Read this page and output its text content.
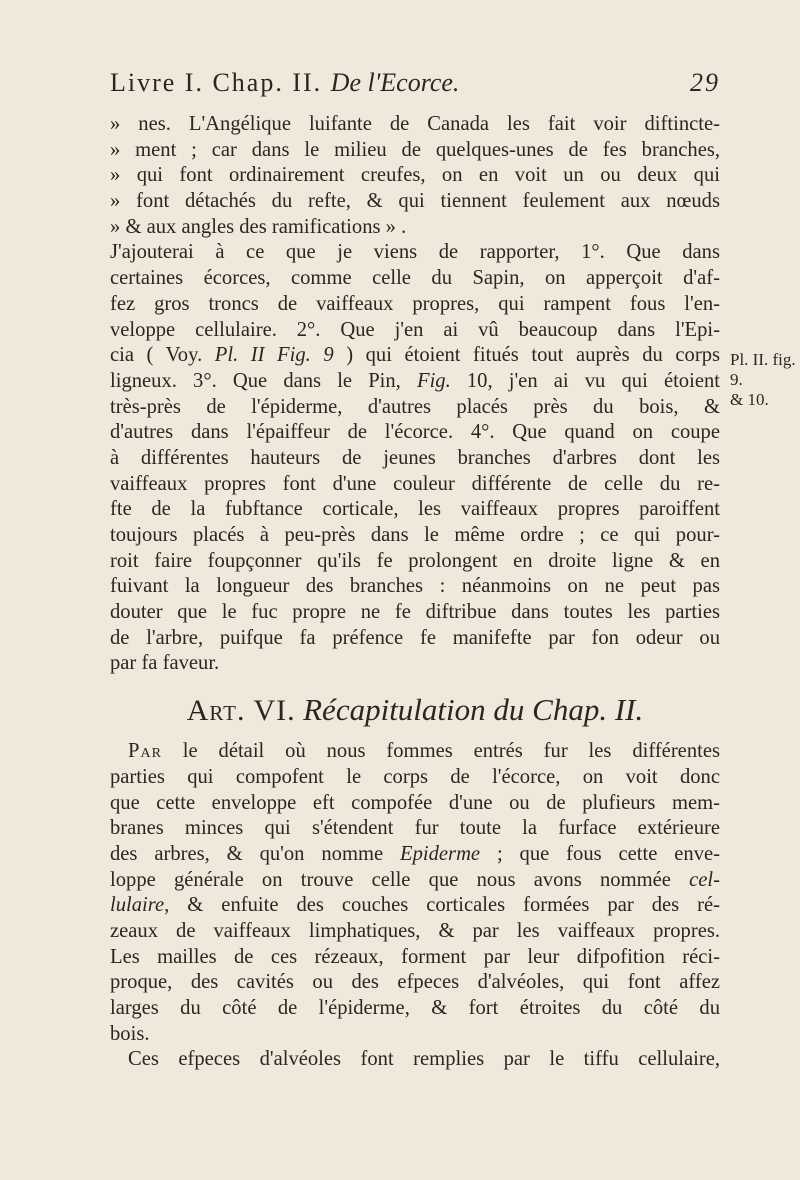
Livre I. Chap. II. De l'Ecorce.	29
» nes. L'Angélique luifante de Canada les fait voir diftincte-
» ment ; car dans le milieu de quelques-unes de fes branches,
» qui font ordinairement creufes, on en voit un ou deux qui
» font détachés du refte, & qui tiennent feulement aux nœuds
» & aux angles des ramifications » .
J'ajouterai à ce que je viens de rapporter, 1°. Que dans
certaines écorces, comme celle du Sapin, on apperçoit d'af-
fez gros troncs de vaiffeaux propres, qui rampent fous l'en-
veloppe cellulaire. 2°. Que j'en ai vû beaucoup dans l'Epi-
cia ( Voy. Pl. II Fig. 9 ) qui étoient fitués tout auprès du corps
ligneux. 3°. Que dans le Pin, Fig. 10, j'en ai vu qui étoient
très-près de l'épiderme, d'autres placés près du bois, &
d'autres dans l'épaiffeur de l'écorce. 4°. Que quand on coupe
à différentes hauteurs de jeunes branches d'arbres dont les
vaiffeaux propres font d'une couleur différente de celle du re-
fte de la fubftance corticale, les vaiffeaux propres paroiffent
toujours placés à peu-près dans le même ordre ; ce qui pour-
roit faire foupçonner qu'ils fe prolongent en droite ligne & en
fuivant la longueur des branches : néanmoins on ne peut pas
douter que le fuc propre ne fe diftribue dans toutes les parties
de l'arbre, puifque fa préfence fe manifefte par fon odeur ou
par fa faveur.
Art. VI. Récapitulation du Chap. II.
Par le détail où nous fommes entrés fur les différentes
parties qui compofent le corps de l'écorce, on voit donc
que cette enveloppe eft compofée d'une ou de plufieurs mem-
branes minces qui s'étendent fur toute la furface extérieure
des arbres, & qu'on nomme Epiderme ; que fous cette enve-
loppe générale on trouve celle que nous avons nommée cel-
lulaire, & enfuite des couches corticales formées par des ré-
zeaux de vaiffeaux limphatiques, & par les vaiffeaux propres.
Les mailles de ces rézeaux, forment par leur difpofition réci-
proque, des cavités ou des efpeces d'alvéoles, qui font affez
larges du côté de l'épiderme, & fort étroites du côté du
bois.
Ces efpeces d'alvéoles font remplies par le tiffu cellulaire,
Pl. II. fig. 9.
& 10.
